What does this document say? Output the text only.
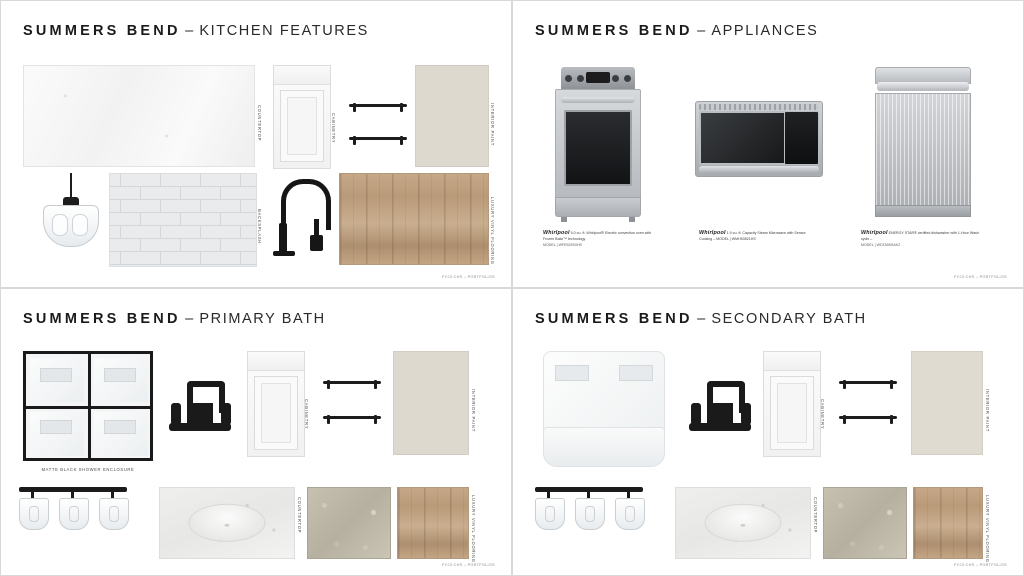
SUMMERS BEND – KITCHEN FEATURES
COUNTERTOP	CABINETRY	INTERIOR PAINT
BACKSPLASH	LUXURY VINYL FLOORING
FY23 CHS – PORTFOLIOS
SUMMERS BEND – APPLIANCES
Whirlpool 5.0 cu. ft. Whirlpool® Electric convection oven with Frozen Bake™ technology
MODEL | WFE525S0HS
Whirlpool 1.9 cu. ft. Capacity Steam Microwave with Sensor Cooking – MODEL | WMH53521HS
Whirlpool ENERGY STAR® certified dishwasher with 1-Hour Wash cycle –
MODEL | WDTA50SAKZ
FY23 CHS – PORTFOLIOS
SUMMERS BEND – PRIMARY BATH
MATTE BLACK SHOWER ENCLOSURE
CABINETRY	INTERIOR PAINT
COUNTERTOP	LUXURY VINYL FLOORING
FY23 CHS – PORTFOLIOS
SUMMERS BEND – SECONDARY BATH
CABINETRY	INTERIOR PAINT
COUNTERTOP	LUXURY VINYL FLOORING
FY23 CHS – PORTFOLIOS
